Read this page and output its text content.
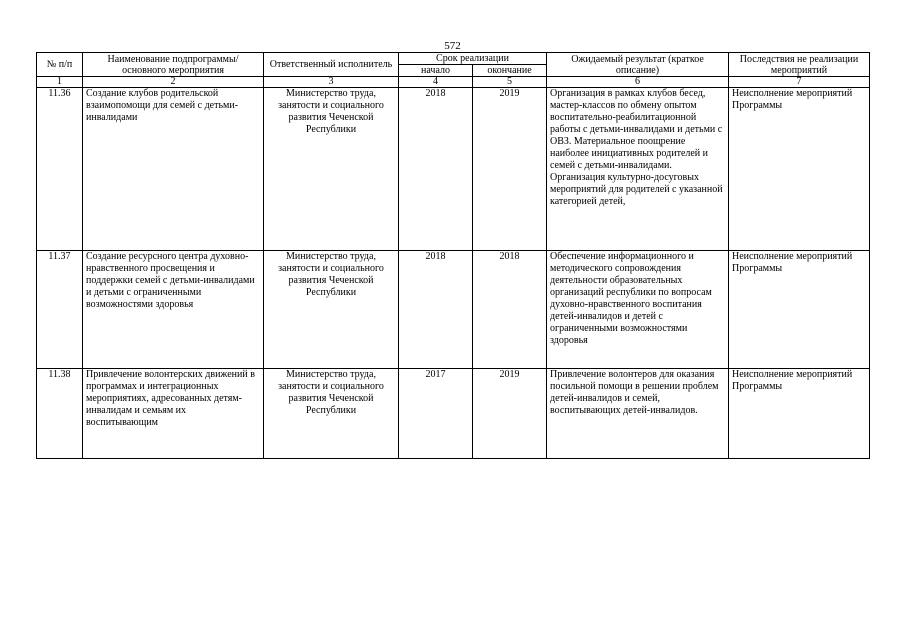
572
№ п/п	Наименование подпрограммы/ основного мероприятия	Ответственный исполнитель	Срок реализации		Ожидаемый результат (краткое описание)	Последствия не реализации мероприятий
			начало	окончание		
1	2	3	4	5	6	7
11.36	Создание клубов родительской взаимопомощи для семей с детьми-инвалидами	Министерство труда, занятости и социального развития Чеченской Республики	2018	2019	Организация в рамках клубов бесед, мастер-классов по обмену опытом воспитательно-реабилитационной работы с детьми-инвалидами и детьми с ОВЗ. Материальное поощрение наиболее инициативных родителей и семей с детьми-инвалидами. Организация культурно-досуговых мероприятий для родителей с указанной категорией детей,	Неисполнение мероприятий Программы
11.37	Создание ресурсного центра духовно-нравственного просвещения и поддержки семей с детьми-инвалидами и детьми с ограниченными возможностями здоровья	Министерство труда, занятости и социального развития Чеченской Республики	2018	2018	Обеспечение информационного и методического сопровождения деятельности образовательных организаций республики по вопросам духовно-нравственного воспитания детей-инвалидов и детей с ограниченными возможностями здоровья	Неисполнение мероприятий Программы
11.38	Привлечение волонтерских движений в программах и интеграционных мероприятиях, адресованных детям-инвалидам и семьям их воспитывающим	Министерство труда, занятости и социального развития Чеченской Республики	2017	2019	Привлечение волонтеров для оказания посильной помощи в решении проблем детей-инвалидов и семей, воспитывающих детей-инвалидов.	Неисполнение мероприятий Программы
